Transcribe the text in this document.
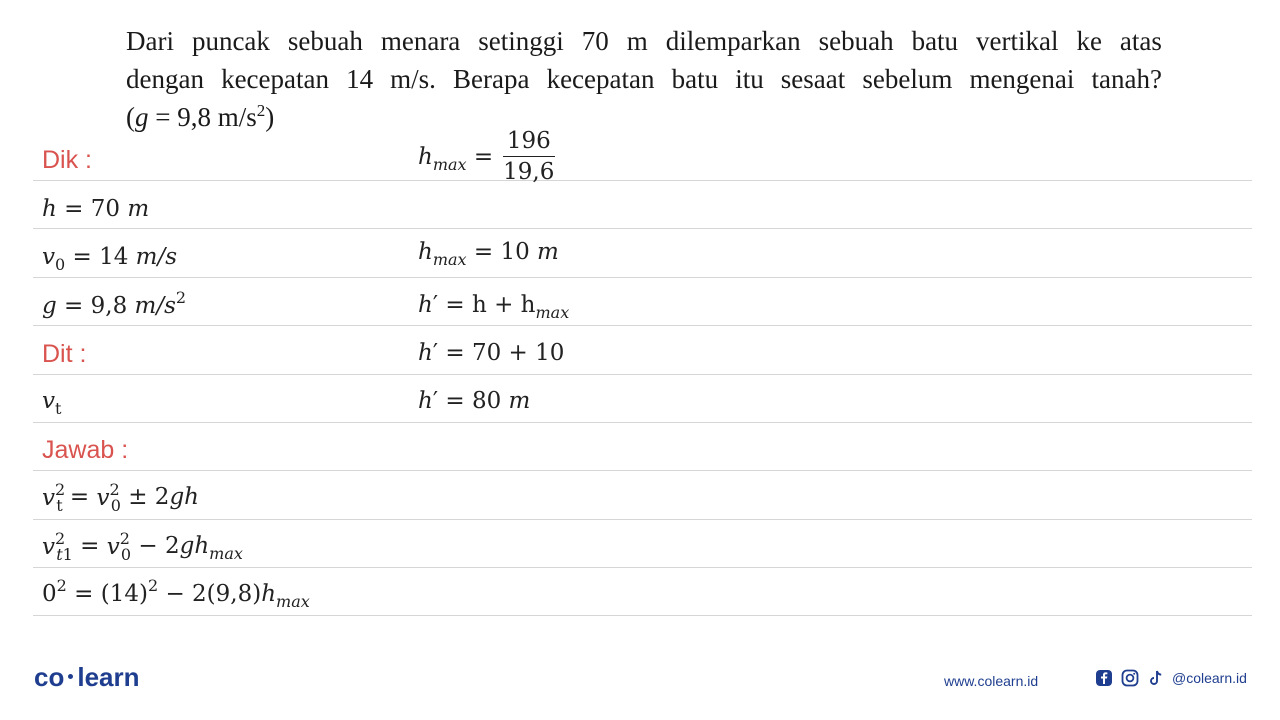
Dari puncak sebuah menara setinggi 70 m dilemparkan sebuah batu vertikal ke atas
dengan kecepatan 14 m/s. Berapa kecepatan batu itu sesaat sebelum mengenai tanah?
(g = 9,8 $m/s^2$)
Dik :
h = 70 m
$v_0 = 14$ m/s
g = 9,8 $m/s^2$
Dit :
$v_t$
Jawab :
$v^2_t = v^2_0 \pm 2gh$
$v^2_{t1} = v^2_0 - 2gh_{max}$
$0^2 = (14)^2 - 2(9,8)h_{max}$
$h_{max} = \frac{196}{19,6}$
$h_{max} = 10$ m
$h' = h + h_{max}$
h′ = 70 + 10
h′ = 80 m
co learn	www.colearn.id	@colearn.id
